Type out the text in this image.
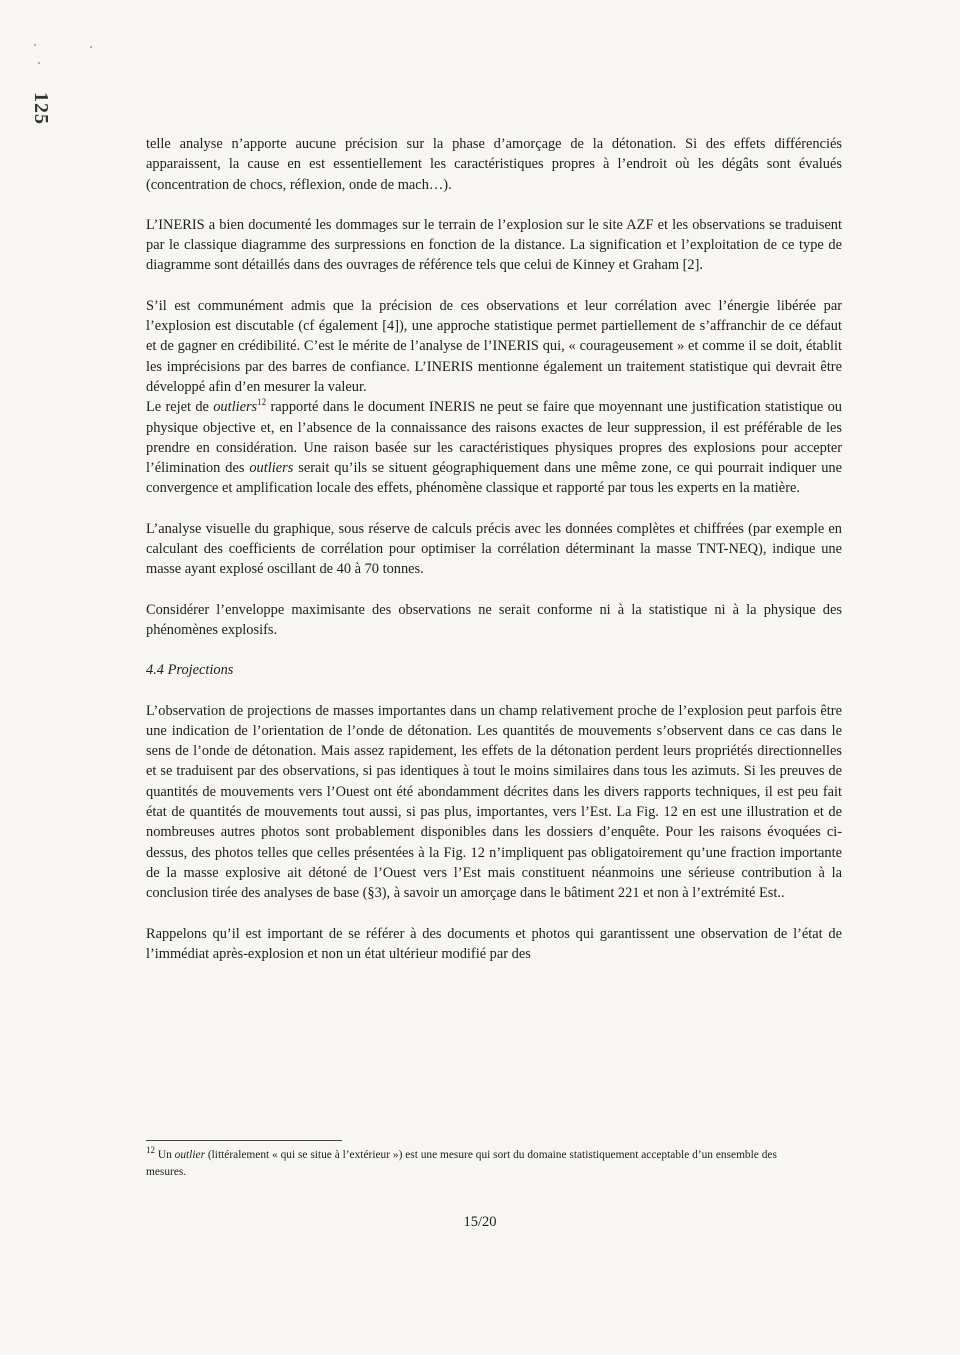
125

telle analyse n’apporte aucune précision sur la phase d’amorçage de la détonation. Si des effets différenciés apparaissent, la cause en est essentiellement les caractéristiques propres à l’endroit où les dégâts sont évalués (concentration de chocs, réflexion, onde de mach…).

L’INERIS a bien documenté les dommages sur le terrain de l’explosion sur le site AZF et les observations se traduisent par le classique diagramme des surpressions en fonction de la distance. La signification et l’exploitation de ce type de diagramme sont détaillés dans des ouvrages de référence tels que celui de Kinney et Graham [2].

S’il est communément admis que la précision de ces observations et leur corrélation avec l’énergie libérée par l’explosion est discutable (cf également [4]), une approche statistique permet partiellement de s’affranchir de ce défaut et de gagner en crédibilité. C’est le mérite de l’analyse de l’INERIS qui, « courageusement » et comme il se doit, établit les imprécisions par des barres de confiance. L’INERIS mentionne également un traitement statistique qui devrait être développé afin d’en mesurer la valeur.

Le rejet de outliers$^{12}$ rapporté dans le document INERIS ne peut se faire que moyennant une justification statistique ou physique objective et, en l’absence de la connaissance des raisons exactes de leur suppression, il est préférable de les prendre en considération. Une raison basée sur les caractéristiques physiques propres des explosions pour accepter l’élimination des outliers serait qu’ils se situent géographiquement dans une même zone, ce qui pourrait indiquer une convergence et amplification locale des effets, phénomène classique et rapporté par tous les experts en la matière.

L’analyse visuelle du graphique, sous réserve de calculs précis avec les données complètes et chiffrées (par exemple en calculant des coefficients de corrélation pour optimiser la corrélation déterminant la masse TNT-NEQ), indique une masse ayant explosé oscillant de 40 à 70 tonnes.

Considérer l’enveloppe maximisante des observations ne serait conforme ni à la statistique ni à la physique des phénomènes explosifs.

4.4 Projections

L’observation de projections de masses importantes dans un champ relativement proche de l’explosion peut parfois être une indication de l’orientation de l’onde de détonation. Les quantités de mouvements s’observent dans ce cas dans le sens de l’onde de détonation. Mais assez rapidement, les effets de la détonation perdent leurs propriétés directionnelles et se traduisent par des observations, si pas identiques à tout le moins similaires dans tous les azimuts. Si les preuves de quantités de mouvements vers l’Ouest ont été abondamment décrites dans les divers rapports techniques, il est peu fait état de quantités de mouvements tout aussi, si pas plus, importantes, vers l’Est. La Fig. 12 en est une illustration et de nombreuses autres photos sont probablement disponibles dans les dossiers d’enquête. Pour les raisons évoquées ci-dessus, des photos telles que celles présentées à la Fig. 12 n’impliquent pas obligatoirement qu’une fraction importante de la masse explosive ait détoné de l’Ouest vers l’Est mais constituent néanmoins une sérieuse contribution à la conclusion tirée des analyses de base (§3), à savoir un amorçage dans le bâtiment 221 et non à l’extrémité Est..

Rappelons qu’il est important de se référer à des documents et photos qui garantissent une observation de l’état de l’immédiat après-explosion et non un état ultérieur modifié par des

$^{12}$ Un outlier (littéralement « qui se situe à l’extérieur ») est une mesure qui sort du domaine statistiquement acceptable d’un ensemble des mesures.
15/20
